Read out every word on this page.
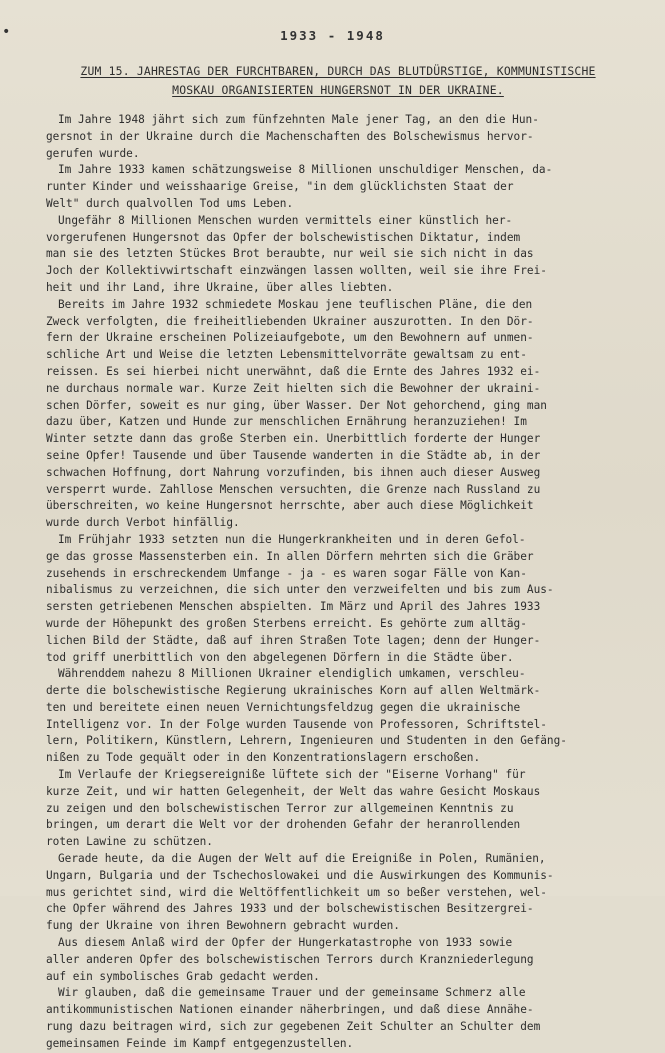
•	1933 - 1948
ZUM 15. JAHRESTAG DER FURCHTBAREN, DURCH DAS BLUTDÜRSTIGE, KOMMUNISTISCHE
MOSKAU ORGANISIERTEN HUNGERSNOT IN DER UKRAINE.
Im Jahre 1948 jährt sich zum fünfzehnten Male jener Tag, an den die Hun-
gersnot in der Ukraine durch die Machenschaften des Bolschewismus hervor-
gerufen wurde.
Im Jahre 1933 kamen schätzungsweise 8 Millionen unschuldiger Menschen, da-
runter Kinder und weisshaarige Greise, "in dem glücklichsten Staat der
Welt" durch qualvollen Tod ums Leben.
Ungefähr 8 Millionen Menschen wurden vermittels einer künstlich her-
vorgerufenen Hungersnot das Opfer der bolschewistischen Diktatur, indem
man sie des letzten Stückes Brot beraubte, nur weil sie sich nicht in das
Joch der Kollektivwirtschaft einzwängen lassen wollten, weil sie ihre Frei-
heit und ihr Land, ihre Ukraine, über alles liebten.
Bereits im Jahre 1932 schmiedete Moskau jene teuflischen Pläne, die den
Zweck verfolgten, die freiheitliebenden Ukrainer auszurotten. In den Dör-
fern der Ukraine erscheinen Polizeiaufgebote, um den Bewohnern auf unmen-
schliche Art und Weise die letzten Lebensmittelvorräte gewaltsam zu ent-
reissen. Es sei hierbei nicht unerwähnt, daß die Ernte des Jahres 1932 ei-
ne durchaus normale war. Kurze Zeit hielten sich die Bewohner der ukraini-
schen Dörfer, soweit es nur ging, über Wasser. Der Not gehorchend, ging man
dazu über, Katzen und Hunde zur menschlichen Ernährung heranzuziehen! Im
Winter setzte dann das große Sterben ein. Unerbittlich forderte der Hunger
seine Opfer! Tausende und über Tausende wanderten in die Städte ab, in der
schwachen Hoffnung, dort Nahrung vorzufinden, bis ihnen auch dieser Ausweg
versperrt wurde. Zahllose Menschen versuchten, die Grenze nach Russland zu
überschreiten, wo keine Hungersnot herrschte, aber auch diese Möglichkeit
wurde durch Verbot hinfällig.
Im Frühjahr 1933 setzten nun die Hungerkrankheiten und in deren Gefol-
ge das grosse Massensterben ein. In allen Dörfern mehrten sich die Gräber
zusehends in erschreckendem Umfange - ja - es waren sogar Fälle von Kan-
nibalismus zu verzeichnen, die sich unter den verzweifelten und bis zum Aus-
sersten getriebenen Menschen abspielten. Im März und April des Jahres 1933
wurde der Höhepunkt des großen Sterbens erreicht. Es gehörte zum alltäg-
lichen Bild der Städte, daß auf ihren Straßen Tote lagen; denn der Hunger-
tod griff unerbittlich von den abgelegenen Dörfern in die Städte über.
Währenddem nahezu 8 Millionen Ukrainer elendiglich umkamen, verschleu-
derte die bolschewistische Regierung ukrainisches Korn auf allen Weltmärk-
ten und bereitete einen neuen Vernichtungsfeldzug gegen die ukrainische
Intelligenz vor. In der Folge wurden Tausende von Professoren, Schriftstel-
lern, Politikern, Künstlern, Lehrern, Ingenieuren und Studenten in den Gefäng-
nißen zu Tode gequält oder in den Konzentrationslagern erschoßen.
Im Verlaufe der Kriegsereigniße lüftete sich der "Eiserne Vorhang" für
kurze Zeit, und wir hatten Gelegenheit, der Welt das wahre Gesicht Moskaus
zu zeigen und den bolschewistischen Terror zur allgemeinen Kenntnis zu
bringen, um derart die Welt vor der drohenden Gefahr der heranrollenden
roten Lawine zu schützen.
Gerade heute, da die Augen der Welt auf die Ereigniße in Polen, Rumänien,
Ungarn, Bulgaria und der Tschechoslowakei und die Auswirkungen des Kommunis-
mus gerichtet sind, wird die Weltöffentlichkeit um so beßer verstehen, wel-
che Opfer während des Jahres 1933 und der bolschewistischen Besitzergrei-
fung der Ukraine von ihren Bewohnern gebracht wurden.
Aus diesem Anlaß wird der Opfer der Hungerkatastrophe von 1933 sowie
aller anderen Opfer des bolschewistischen Terrors durch Kranzniederlegung
auf ein symbolisches Grab gedacht werden.
Wir glauben, daß die gemeinsame Trauer und der gemeinsame Schmerz alle
antikommunistischen Nationen einander näherbringen, und daß diese Annähe-
rung dazu beitragen wird, sich zur gegebenen Zeit Schulter an Schulter dem
gemeinsamen Feinde im Kampf entgegenzustellen.
